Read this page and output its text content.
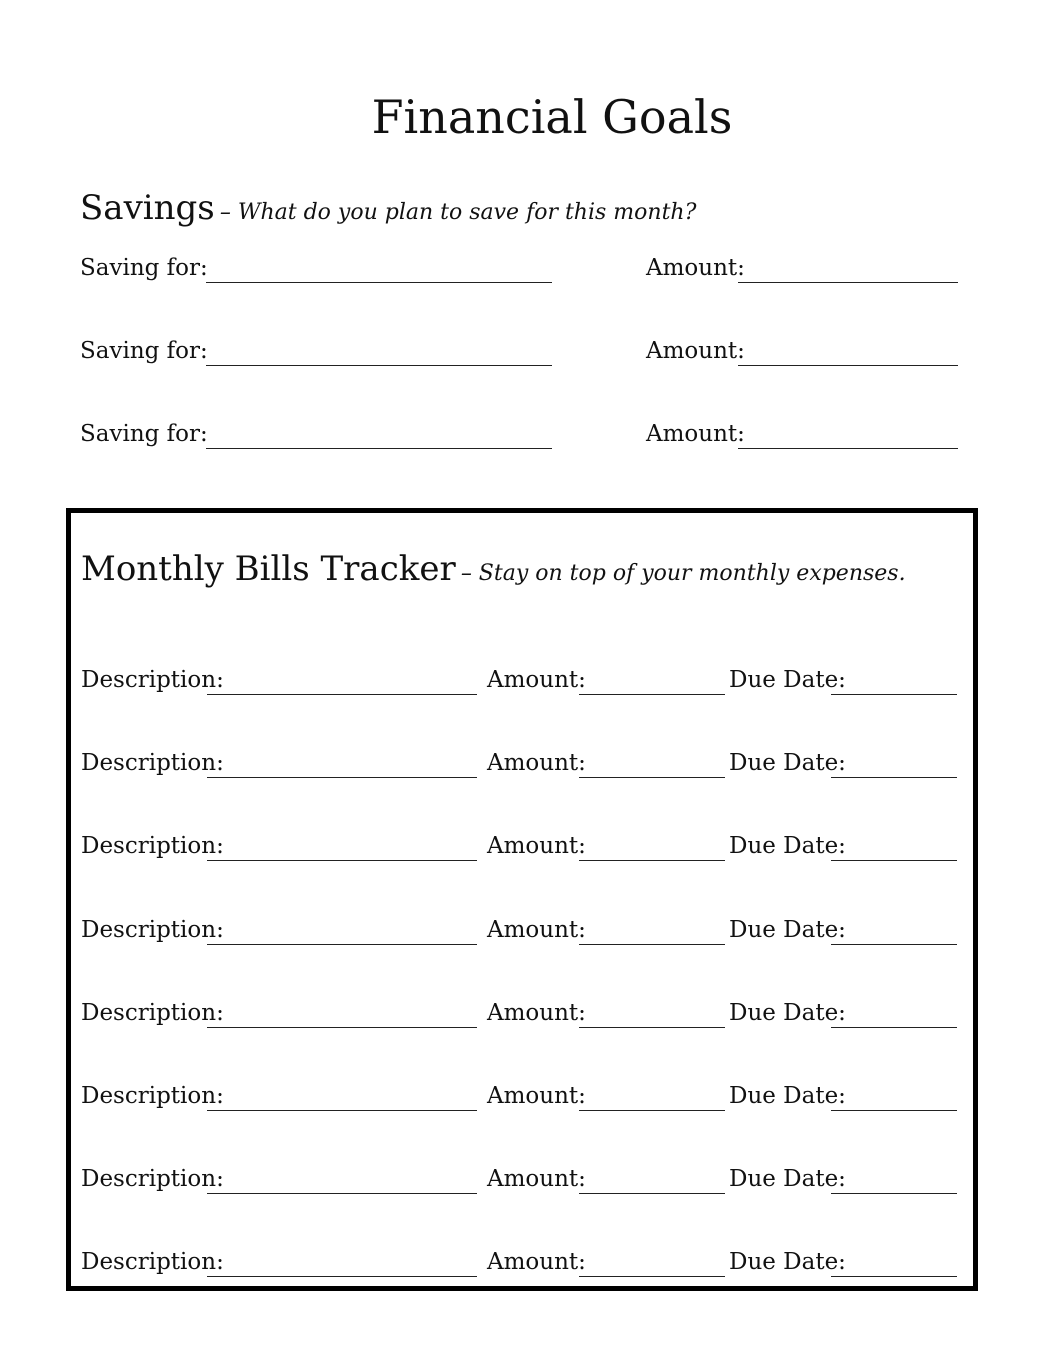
Financial Goals
Savings – What do you plan to save for this month?
Saving for:	Amount:
Saving for:	Amount:
Saving for:	Amount:
Monthly Bills Tracker – Stay on top of your monthly expenses.
Description:	Amount:	Due Date:
Description:	Amount:	Due Date:
Description:	Amount:	Due Date:
Description:	Amount:	Due Date:
Description:	Amount:	Due Date:
Description:	Amount:	Due Date:
Description:	Amount:	Due Date:
Description:	Amount:	Due Date:
